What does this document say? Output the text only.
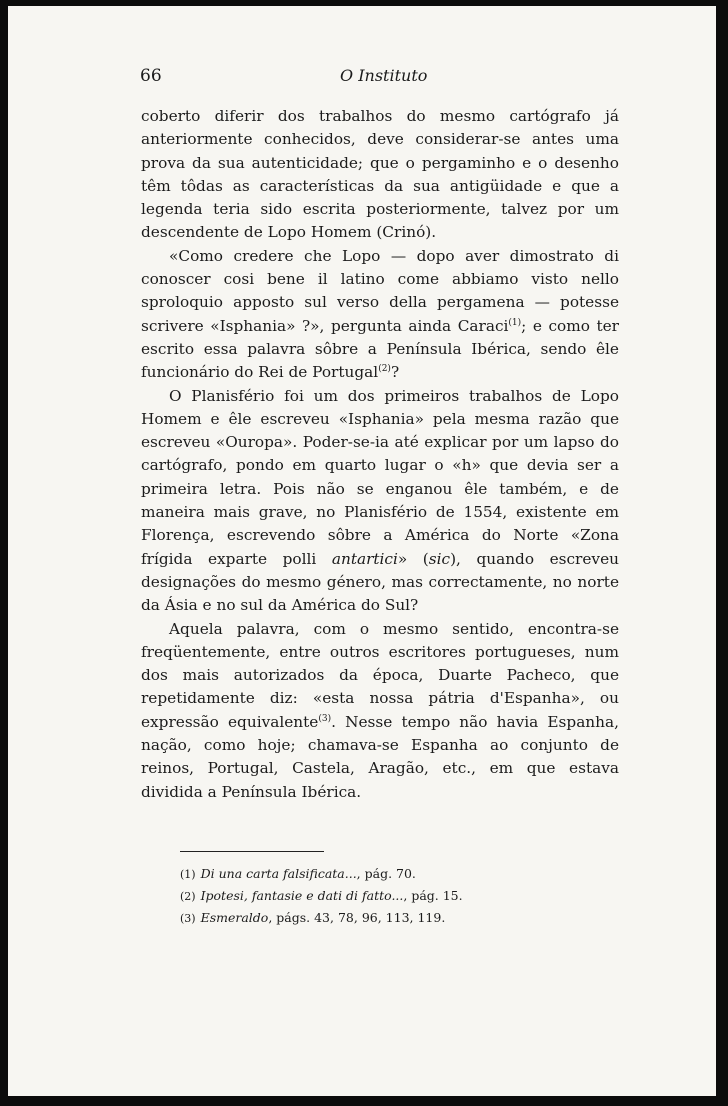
66	O Instituto

coberto diferir dos trabalhos do mesmo cartógrafo já anteriormente conhecidos, deve considerar-se antes uma prova da sua autenticidade; que o pergaminho e o desenho têm tôdas as características da sua antigüidade e que a legenda teria sido escrita posteriormente, talvez por um descendente de Lopo Homem (Crinó).

«Como credere che Lopo — dopo aver dimostrato di conoscer cosi bene il latino come abbiamo visto nello sproloquio apposto sul verso della pergamena — potesse scrivere «Isphania» ?», pergunta ainda Caraci$^{(1)}$; e como ter escrito essa palavra sôbre a Península Ibérica, sendo êle funcionário do Rei de Portugal$^{(2)}$?

O Planisfério foi um dos primeiros trabalhos de Lopo Homem e êle escreveu «Isphania» pela mesma razão que escreveu «Ouropa». Poder-se-ia até explicar por um lapso do cartógrafo, pondo em quarto lugar o «h» que devia ser a primeira letra. Pois não se enganou êle também, e de maneira mais grave, no Planisfério de 1554, existente em Florença, escrevendo sôbre a América do Norte «Zona frígida exparte polli antartici» (sic), quando escreveu designações do mesmo género, mas correctamente, no norte da Ásia e no sul da América do Sul?

Aquela palavra, com o mesmo sentido, encontra-se freqüentemente, entre outros escritores portugueses, num dos mais autorizados da época, Duarte Pacheco, que repetidamente diz: «esta nossa pátria d'Espanha», ou expressão equivalente$^{(3)}$. Nesse tempo não havia Espanha, nação, como hoje; chamava-se Espanha ao conjunto de reinos, Portugal, Castela, Aragão, etc., em que estava dividida a Península Ibérica.

(1) Di una carta falsificata..., pág. 70.
(2) Ipotesi, fantasie e dati di fatto..., pág. 15.
(3) Esmeraldo, págs. 43, 78, 96, 113, 119.
